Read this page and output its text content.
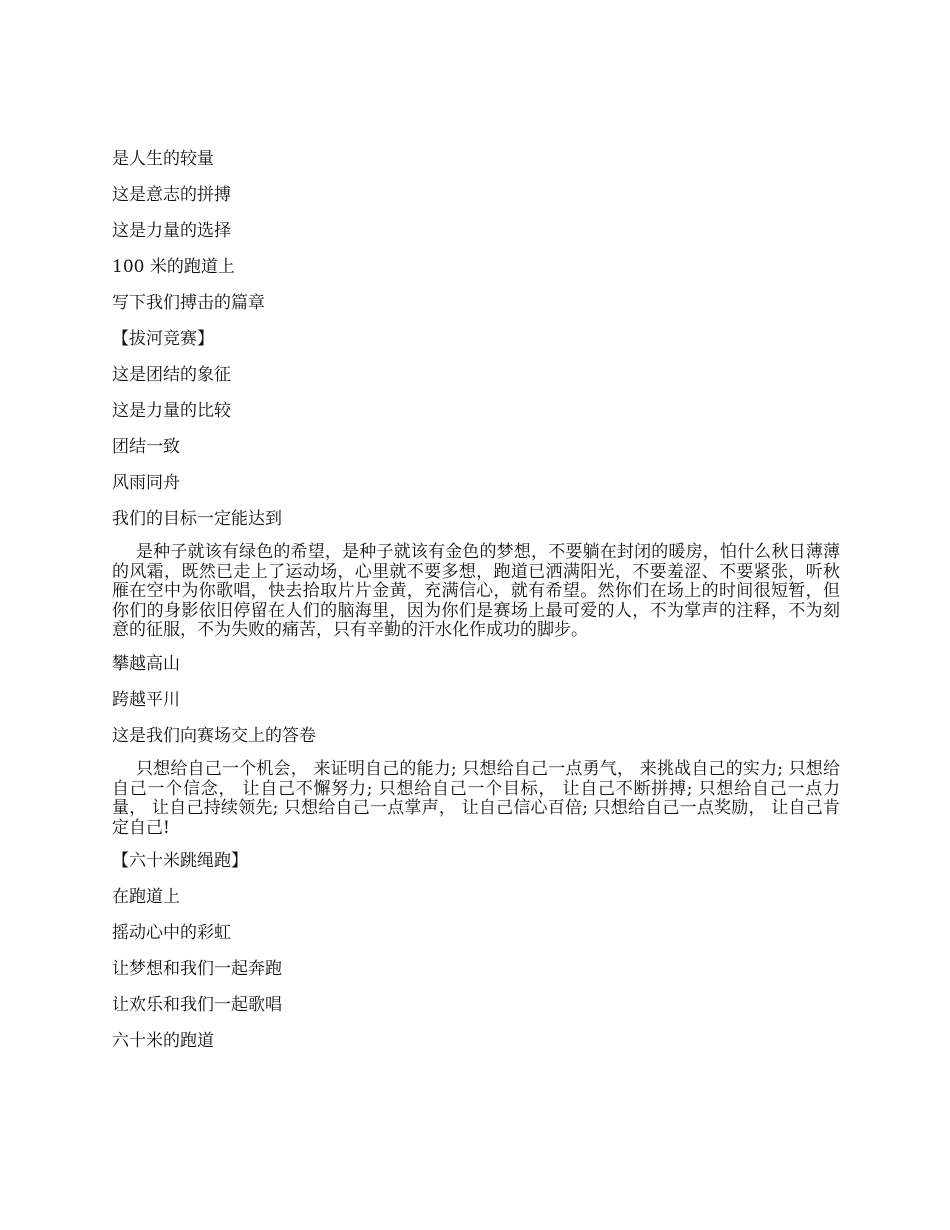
是人生的较量

这是意志的拼搏

这是力量的选择

100 米的跑道上

写下我们搏击的篇章

【拔河竞赛】

这是团结的象征

这是力量的比较

团结一致

风雨同舟

我们的目标一定能达到

是种子就该有绿色的希望，是种子就该有金色的梦想，不要躺在封闭的暖房，怕什么秋日薄薄的风霜，既然已走上了运动场，心里就不要多想，跑道已洒满阳光，不要羞涩、不要紧张，听秋雁在空中为你歌唱，快去拾取片片金黄，充满信心，就有希望。然你们在场上的时间很短暂，但你们的身影依旧停留在人们的脑海里，因为你们是赛场上最可爱的人，不为掌声的注释，不为刻意的征服，不为失败的痛苦，只有辛勤的汗水化作成功的脚步。

攀越高山

跨越平川

这是我们向赛场交上的答卷

只想给自己一个机会， 来证明自己的能力; 只想给自己一点勇气， 来挑战自己的实力; 只想给自己一个信念， 让自己不懈努力; 只想给自己一个目标， 让自己不断拼搏; 只想给自己一点力量， 让自己持续领先; 只想给自己一点掌声， 让自己信心百倍; 只想给自己一点奖励， 让自己肯定自己!

【六十米跳绳跑】

在跑道上

摇动心中的彩虹

让梦想和我们一起奔跑

让欢乐和我们一起歌唱

六十米的跑道
